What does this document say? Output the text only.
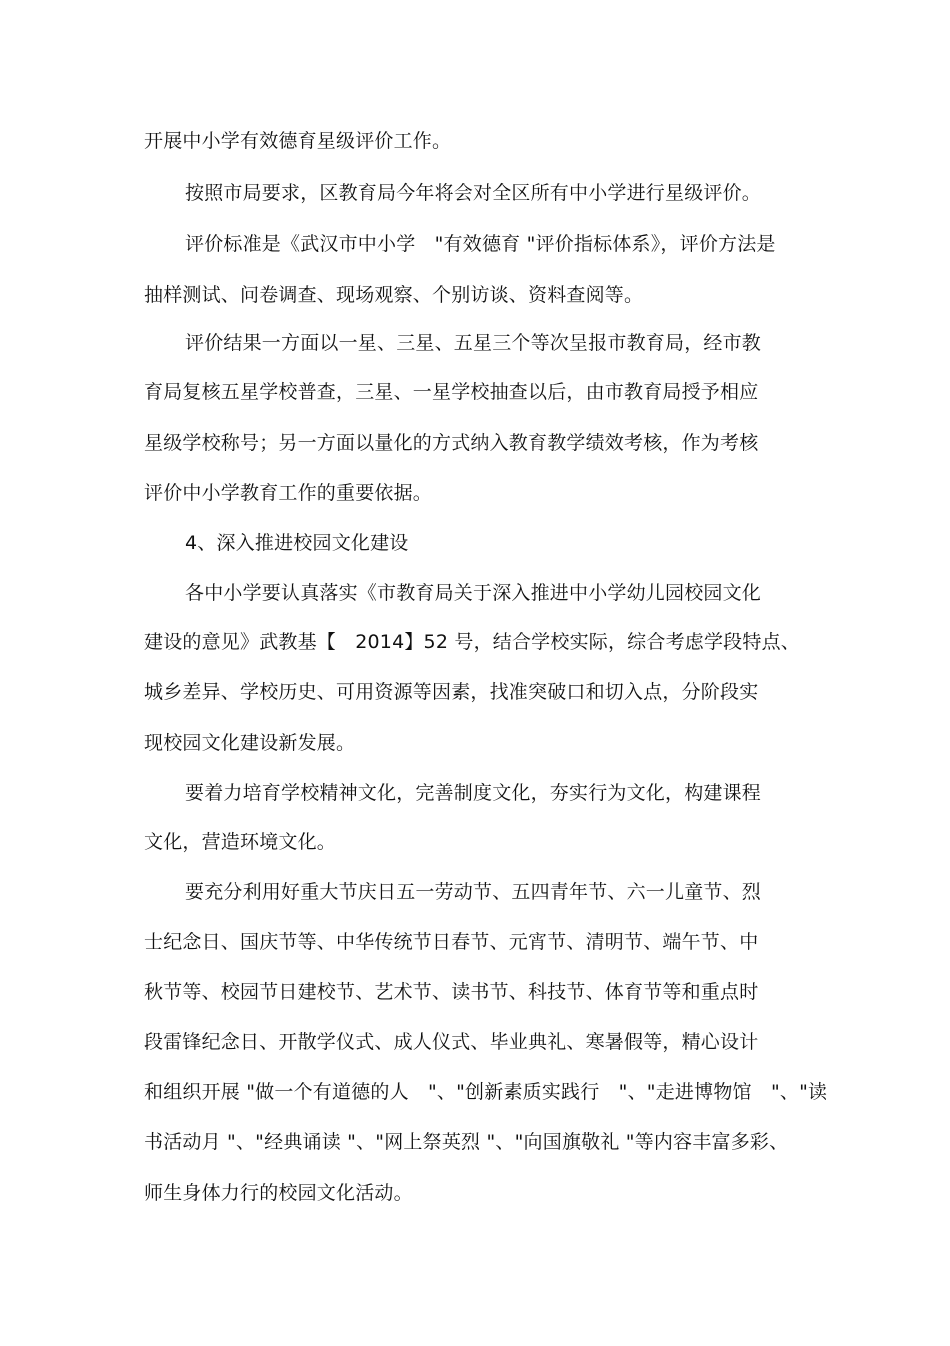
开展中小学有效德育星级评价工作。
按照市局要求，区教育局今年将会对全区所有中小学进行星级评价。
评价标准是《武汉市中小学　"有效德育 "评价指标体系》，评价方法是
抽样测试、问卷调查、现场观察、个别访谈、资料查阅等。
评价结果一方面以一星、三星、五星三个等次呈报市教育局，经市教
育局复核五星学校普查，三星、一星学校抽查以后，由市教育局授予相应
星级学校称号；另一方面以量化的方式纳入教育教学绩效考核，作为考核
评价中小学教育工作的重要依据。
4、深入推进校园文化建设
各中小学要认真落实《市教育局关于深入推进中小学幼儿园校园文化
建设的意见》武教基【　2014】52 号，结合学校实际，综合考虑学段特点、
城乡差异、学校历史、可用资源等因素，找准突破口和切入点，分阶段实
现校园文化建设新发展。
要着力培育学校精神文化，完善制度文化，夯实行为文化，构建课程
文化，营造环境文化。
要充分利用好重大节庆日五一劳动节、五四青年节、六一儿童节、烈
士纪念日、国庆节等、中华传统节日春节、元宵节、清明节、端午节、中
秋节等、校园节日建校节、艺术节、读书节、科技节、体育节等和重点时
段雷锋纪念日、开散学仪式、成人仪式、毕业典礼、寒暑假等，精心设计
和组织开展 "做一个有道德的人　"、"创新素质实践行　"、"走进博物馆　"、"读
书活动月 "、"经典诵读 "、"网上祭英烈 "、"向国旗敬礼 "等内容丰富多彩、
师生身体力行的校园文化活动。
